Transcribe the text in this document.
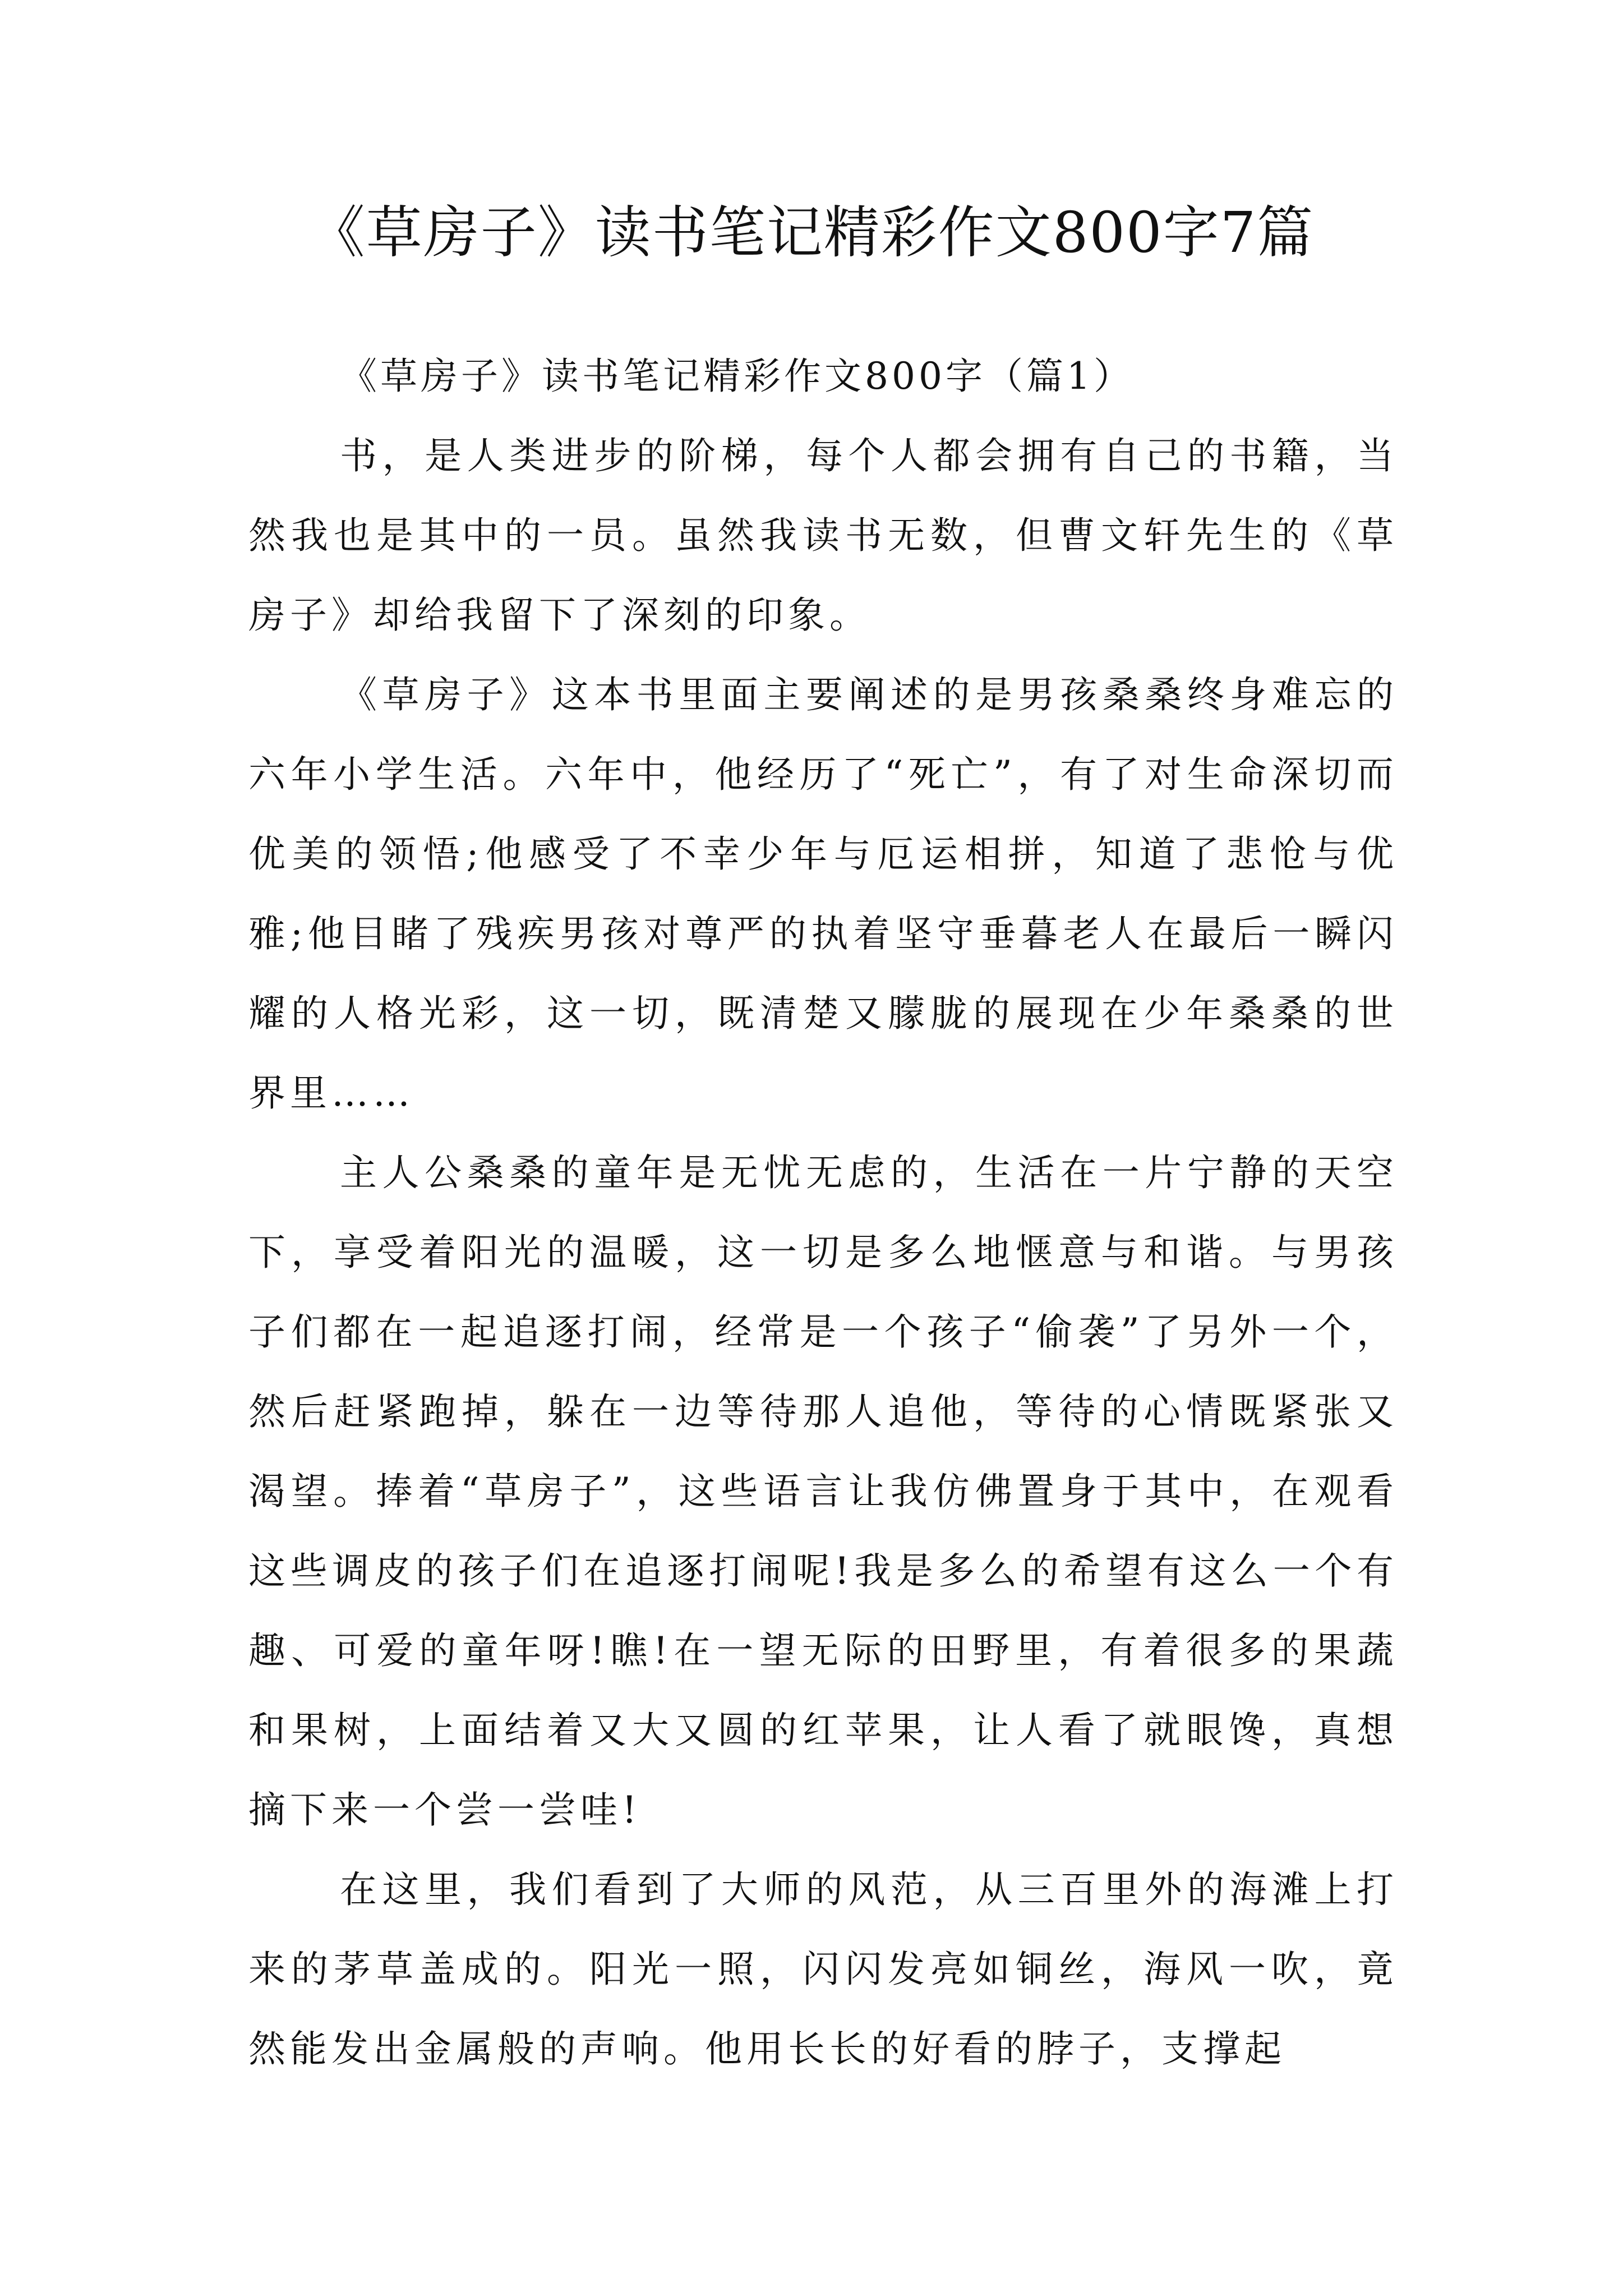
《草房子》读书笔记精彩作文800字7篇
《草房子》读书笔记精彩作文800字（篇1）

书，是人类进步的阶梯，每个人都会拥有自己的书籍，当然我也是其中的一员。虽然我读书无数，但曹文轩先生的《草房子》却给我留下了深刻的印象。

《草房子》这本书里面主要阐述的是男孩桑桑终身难忘的六年小学生活。六年中，他经历了“死亡”，有了对生命深切而优美的领悟;他感受了不幸少年与厄运相拼，知道了悲怆与优雅;他目睹了残疾男孩对尊严的执着坚守垂暮老人在最后一瞬闪耀的人格光彩，这一切，既清楚又朦胧的展现在少年桑桑的世界里……

主人公桑桑的童年是无忧无虑的，生活在一片宁静的天空下，享受着阳光的温暖，这一切是多么地惬意与和谐。与男孩子们都在一起追逐打闹，经常是一个孩子“偷袭”了另外一个，然后赶紧跑掉，躲在一边等待那人追他，等待的心情既紧张又渴望。捧着“草房子”，这些语言让我仿佛置身于其中，在观看这些调皮的孩子们在追逐打闹呢!我是多么的希望有这么一个有趣、可爱的童年呀!瞧!在一望无际的田野里，有着很多的果蔬和果树，上面结着又大又圆的红苹果，让人看了就眼馋，真想摘下来一个尝一尝哇!

在这里，我们看到了大师的风范，从三百里外的海滩上打来的茅草盖成的。阳光一照，闪闪发亮如铜丝，海风一吹，竟然能发出金属般的声响。他用长长的好看的脖子，支撑起
